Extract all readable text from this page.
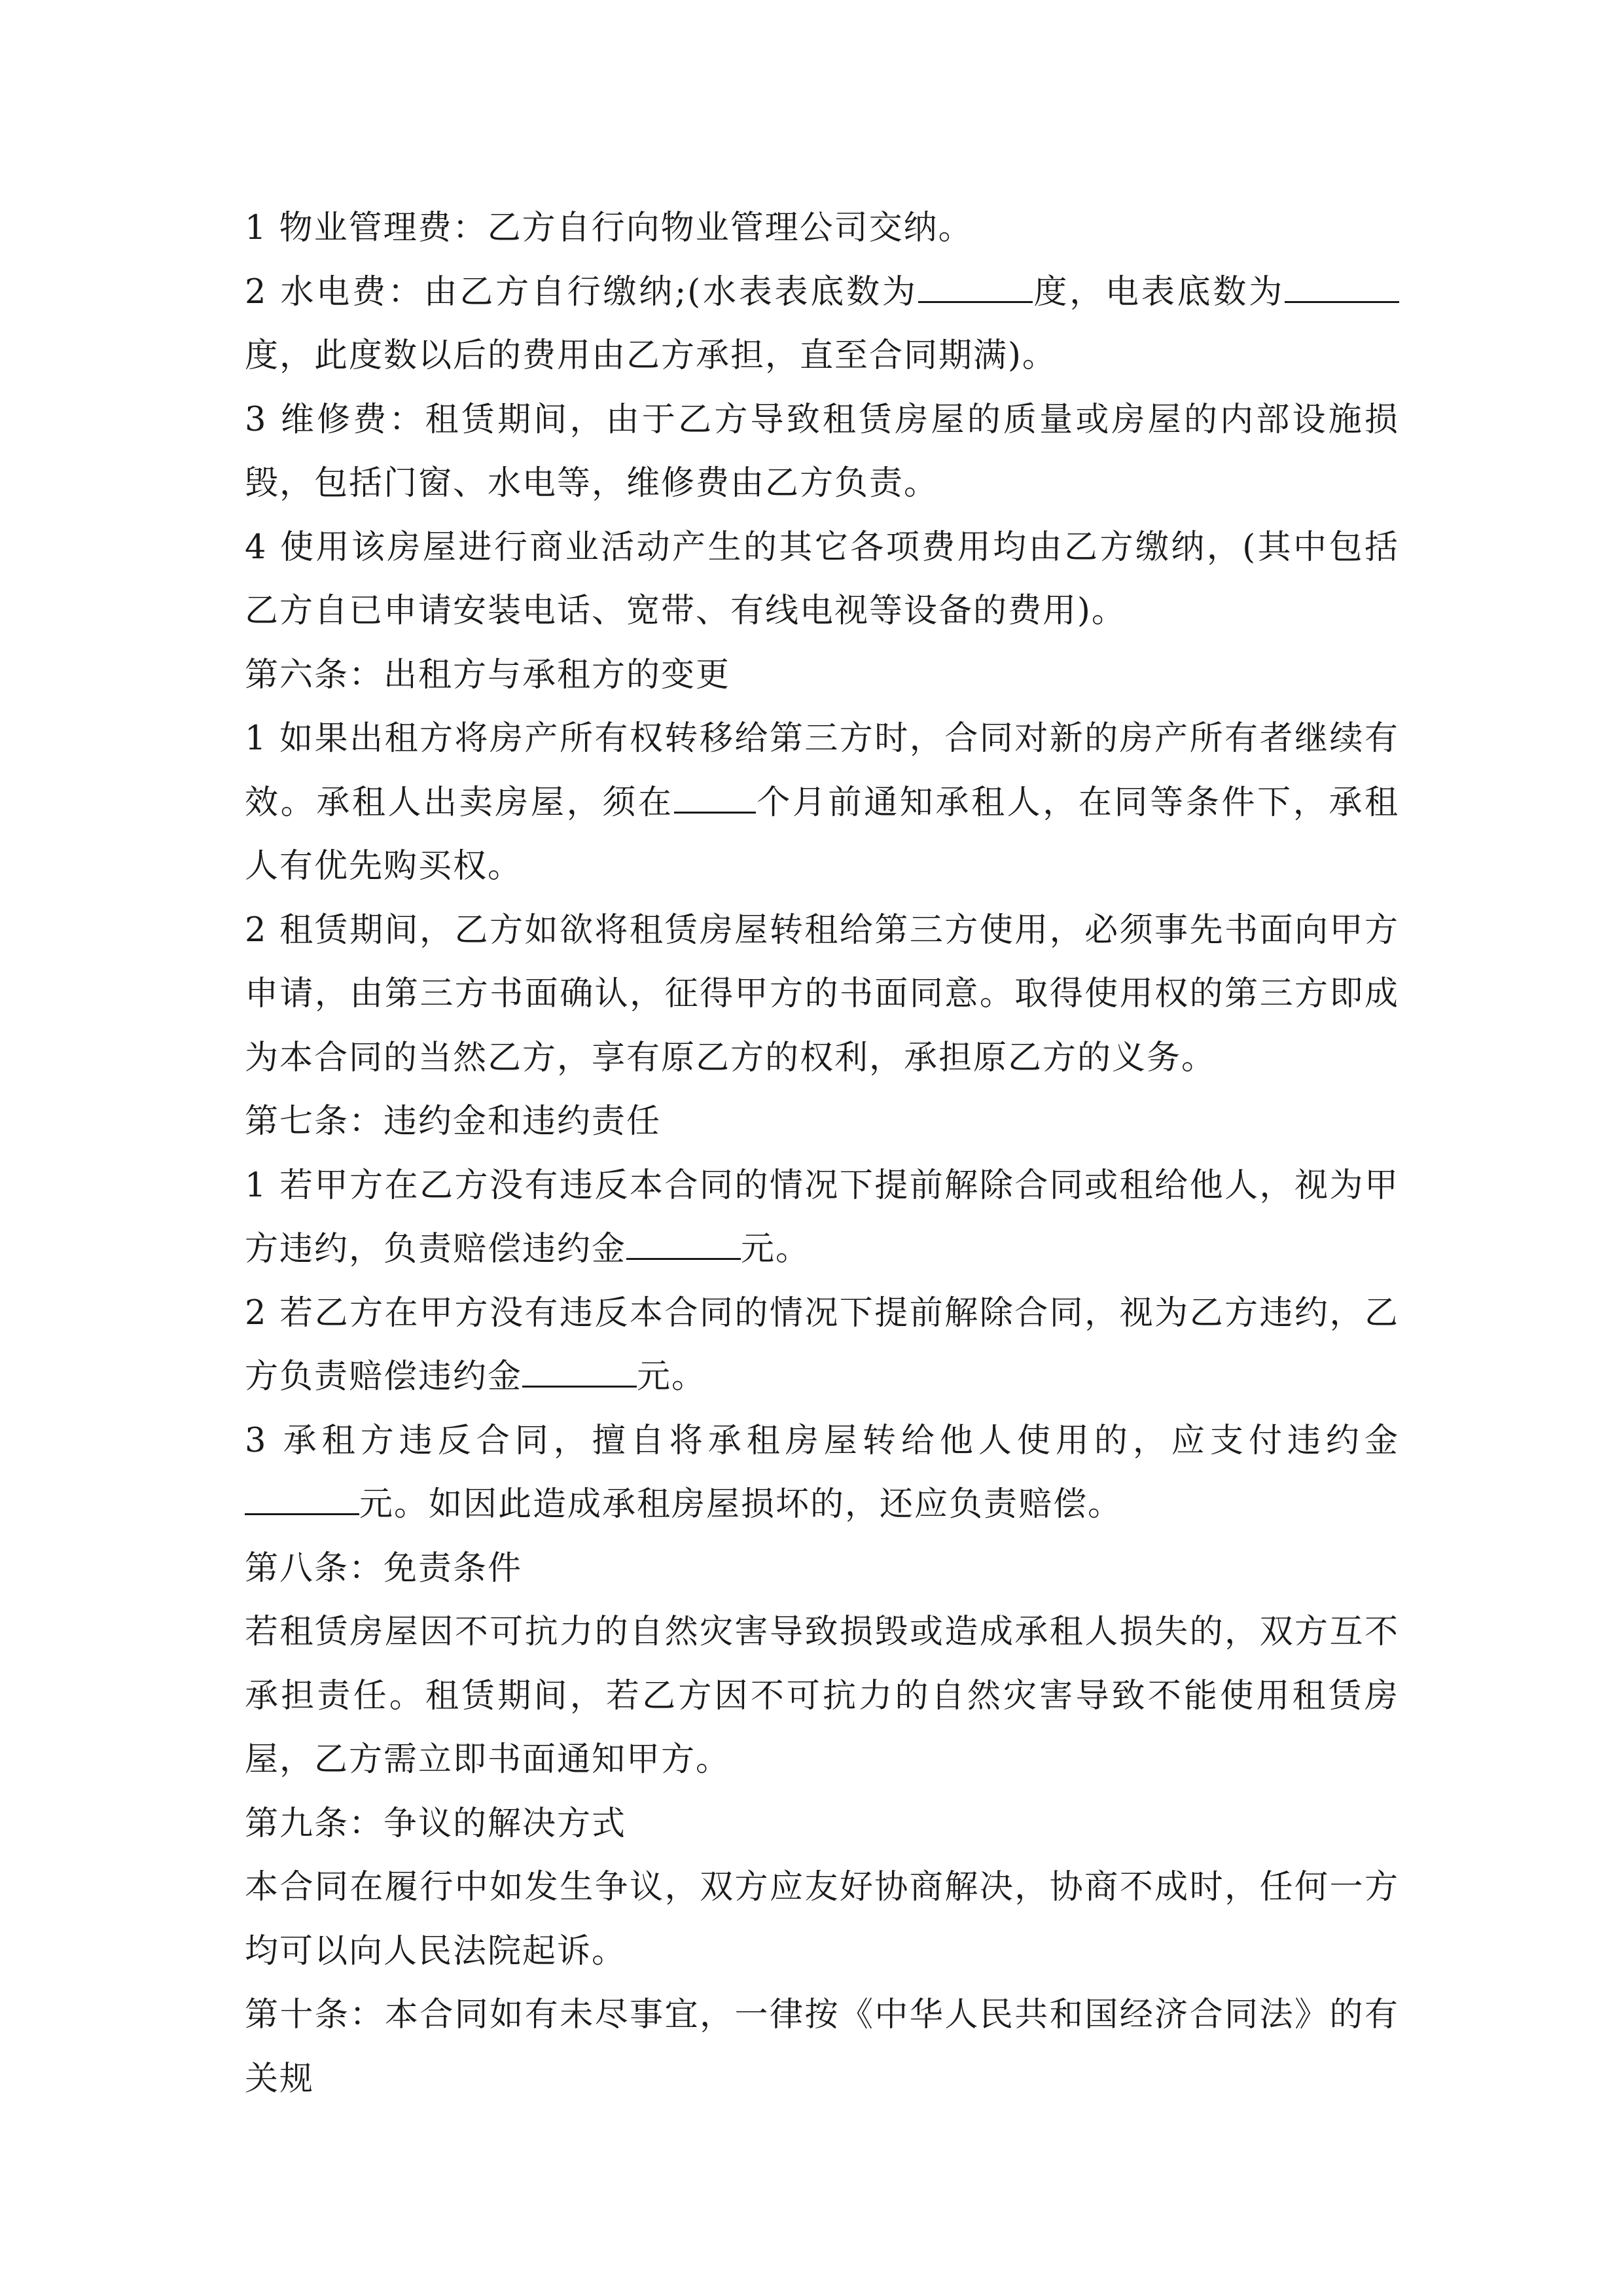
1 物业管理费：乙方自行向物业管理公司交纳。

2 水电费：由乙方自行缴纳;(水表表底数为	度，电表底数为度，此度数以后的费用由乙方承担，直至合同期满)。

3 维修费：租赁期间，由于乙方导致租赁房屋的质量或房屋的内部设施损毁，包括门窗、水电等，维修费由乙方负责。

4 使用该房屋进行商业活动产生的其它各项费用均由乙方缴纳，(其中包括乙方自已申请安装电话、宽带、有线电视等设备的费用)。

第六条：出租方与承租方的变更

1 如果出租方将房产所有权转移给第三方时，合同对新的房产所有者继续有效。承租人出卖房屋，须在 个月前通知承租人，在同等条件下，承租人有优先购买权。

2 租赁期间，乙方如欲将租赁房屋转租给第三方使用，必须事先书面向甲方申请，由第三方书面确认，征得甲方的书面同意。取得使用权的第三方即成为本合同的当然乙方，享有原乙方的权利，承担原乙方的义务。

第七条：违约金和违约责任

1 若甲方在乙方没有违反本合同的情况下提前解除合同或租给他人，视为甲方违约，负责赔偿违约金	元。

2 若乙方在甲方没有违反本合同的情况下提前解除合同，视为乙方违约，乙方负责赔偿违约金	元。

3 承租方违反合同，擅自将承租房屋转给他人使用的，应支付违约金元。如因此造成承租房屋损坏的，还应负责赔偿。

第八条：免责条件

若租赁房屋因不可抗力的自然灾害导致损毁或造成承租人损失的，双方互不承担责任。租赁期间，若乙方因不可抗力的自然灾害导致不能使用租赁房屋，乙方需立即书面通知甲方。

第九条：争议的解决方式

本合同在履行中如发生争议，双方应友好协商解决，协商不成时，任何一方均可以向人民法院起诉。

第十条：本合同如有未尽事宜，一律按《中华人民共和国经济合同法》的有关规
